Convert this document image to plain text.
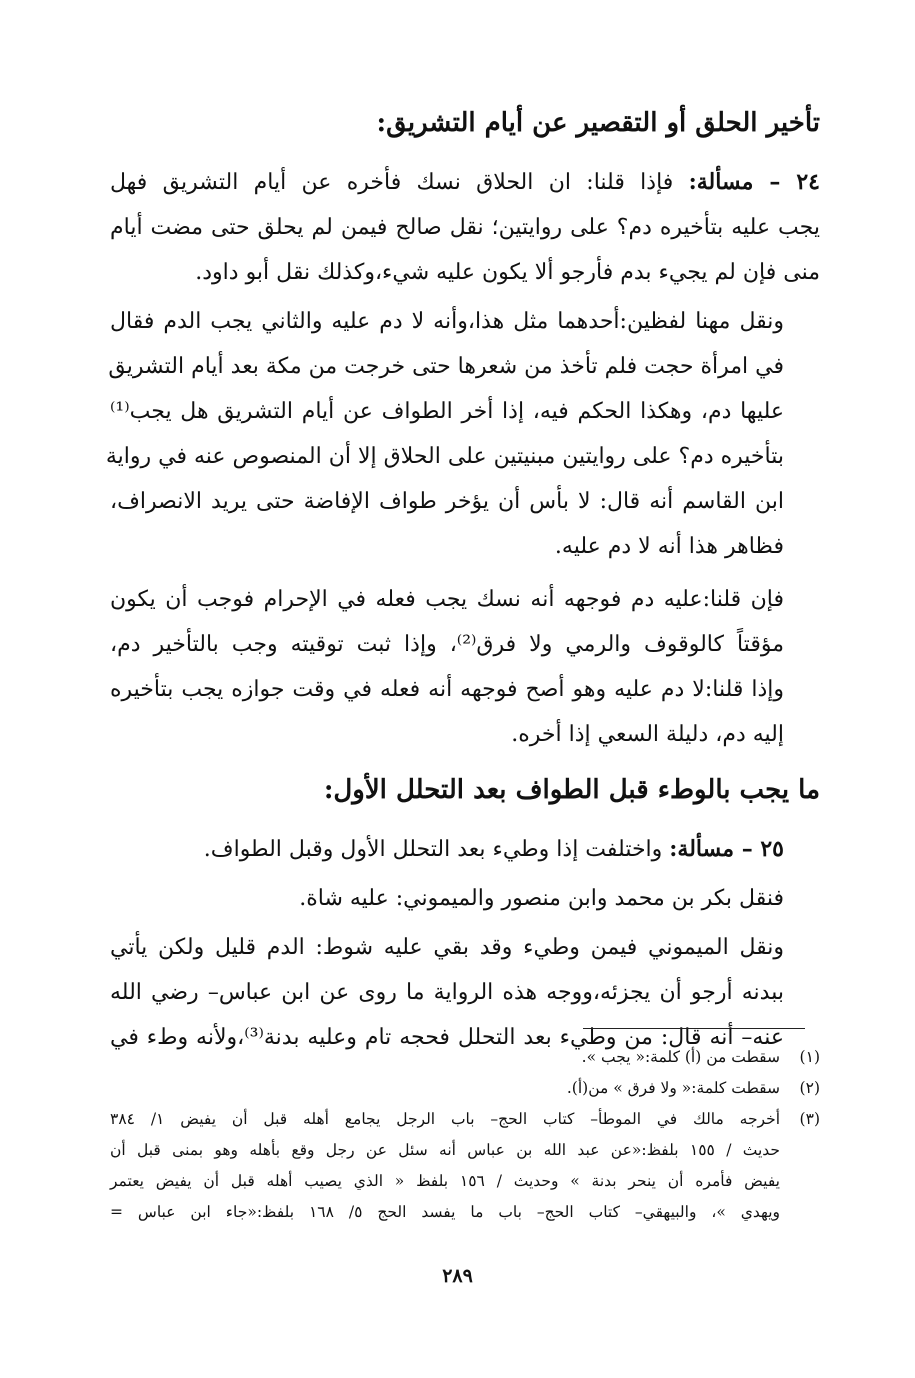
تأخير الحلق أو التقصير عن أيام التشريق:
٢٤ – مسألة: فإذا قلنا: ان الحلاق نسك فأخره عن أيام التشريق فهل
يجب عليه بتأخيره دم؟ على روايتين؛ نقل صالح فيمن لم يحلق حتى مضت أيام
منى فإن لم يجيء بدم فأرجو ألا يكون عليه شيء،وكذلك نقل أبو داود.
ونقل مهنا لفظين:أحدهما مثل هذا،وأنه لا دم عليه والثاني يجب الدم فقال
في امرأة حجت فلم تأخذ من شعرها حتى خرجت من مكة بعد أيام التشريق
عليها دم، وهكذا الحكم فيه، إذا أخر الطواف عن أيام التشريق هل يجب⁽¹⁾
بتأخيره دم؟ على روايتين مبنيتين على الحلاق إلا أن المنصوص عنه في رواية
ابن القاسم أنه قال: لا بأس أن يؤخر طواف الإفاضة حتى يريد الانصراف،
فظاهر هذا أنه لا دم عليه.
فإن قلنا:عليه دم فوجهه أنه نسك يجب فعله في الإحرام فوجب أن يكون
مؤقتاً كالوقوف والرمي ولا فرق⁽²⁾، وإذا ثبت توقيته وجب بالتأخير دم،
وإذا قلنا:لا دم عليه وهو أصح فوجهه أنه فعله في وقت جوازه يجب بتأخيره
إليه دم، دليلة السعي إذا أخره.
ما يجب بالوطء قبل الطواف بعد التحلل الأول:
٢٥ – مسألة: واختلفت إذا وطيء بعد التحلل الأول وقبل الطواف.
فنقل بكر بن محمد وابن منصور والميموني: عليه شاة.
ونقل الميموني فيمن وطيء وقد بقي عليه شوط: الدم قليل ولكن يأتي
ببدنه أرجو أن يجزئه،ووجه هذه الرواية ما روى عن ابن عباس– رضي الله
عنه– أنه قال: من وطيء بعد التحلل فحجه تام وعليه بدنة⁽³⁾،ولأنه وطء في
(١)
سقطت من (أ) كلمة:« يجب ».
(٢)
سقطت كلمة:« ولا فرق » من(أ).
(٣)
أخرجه مالك في الموطأ– كتاب الحج– باب الرجل يجامع أهله قبل أن يفيض ١/ ٣٨٤
حديث / ١٥٥ بلفظ:«عن عبد الله بن عباس أنه سئل عن رجل وقع بأهله وهو بمنى قبل أن
يفيض فأمره أن ينحر بدنة » وحديث / ١٥٦ بلفظ « الذي يصيب أهله قبل أن يفيض يعتمر
ويهدي »، والبيهقي– كتاب الحج– باب ما يفسد الحج ٥/ ١٦٨ بلفظ:«جاء ابن عباس =
٢٨٩
